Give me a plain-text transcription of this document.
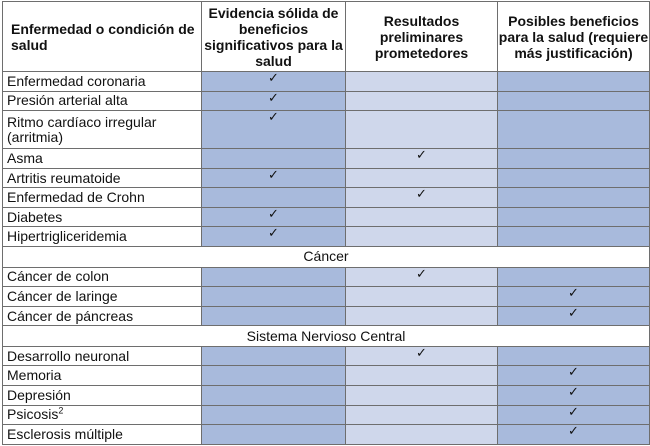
Enfermedad o condición de salud	Evidencia sólida de beneficios significativos para la salud	Resultados preliminares prometedores	Posibles beneficios para la salud (requiere más justificación)
Enfermedad coronaria	✓		
Presión arterial alta	✓		
Ritmo cardíaco irregular (arritmia)	✓		
Asma		✓	
Artritis reumatoide	✓		
Enfermedad de Crohn		✓	
Diabetes	✓		
Hipertrigliceridemia	✓		
Cáncer			
Cáncer de colon		✓	
Cáncer de laringe			✓
Cáncer de páncreas			✓
Sistema Nervioso Central			
Desarrollo neuronal		✓	
Memoria			✓
Depresión			✓
Psicosis$^2$			✓
Esclerosis múltiple			✓
